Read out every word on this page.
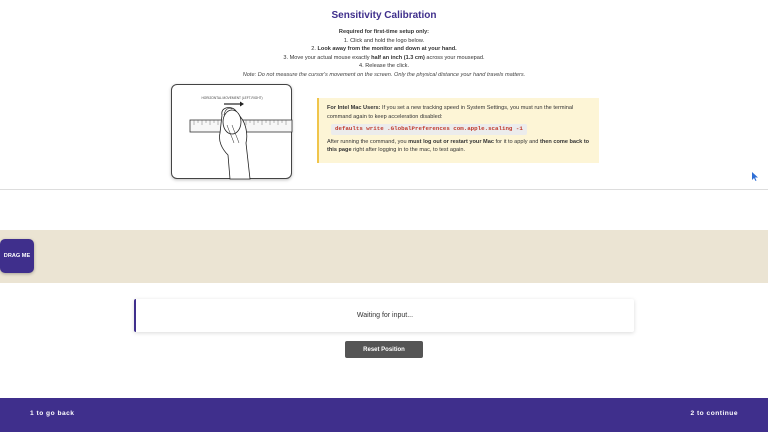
Sensitivity Calibration
Required for first-time setup only:
1. Click and hold the logo below.
2. Look away from the monitor and down at your hand.
3. Move your actual mouse exactly half an inch (1.3 cm) across your mousepad.
4. Release the click.
Note: Do not measure the cursor's movement on the screen. Only the physical distance your hand travels matters.
HORIZONTAL MOVEMENT (LEFT-RIGHT)
For Intel Mac Users: If you set a new tracking speed in System Settings, you must run the terminal command again to keep acceleration disabled:
defaults write .GlobalPreferences com.apple.scaling -1
After running the command, you must log out or restart your Mac for it to apply and then come back to this page right after logging in to the mac, to test again.
DRAG ME
Waiting for input...
Reset Position
1 to go back	2 to continue
